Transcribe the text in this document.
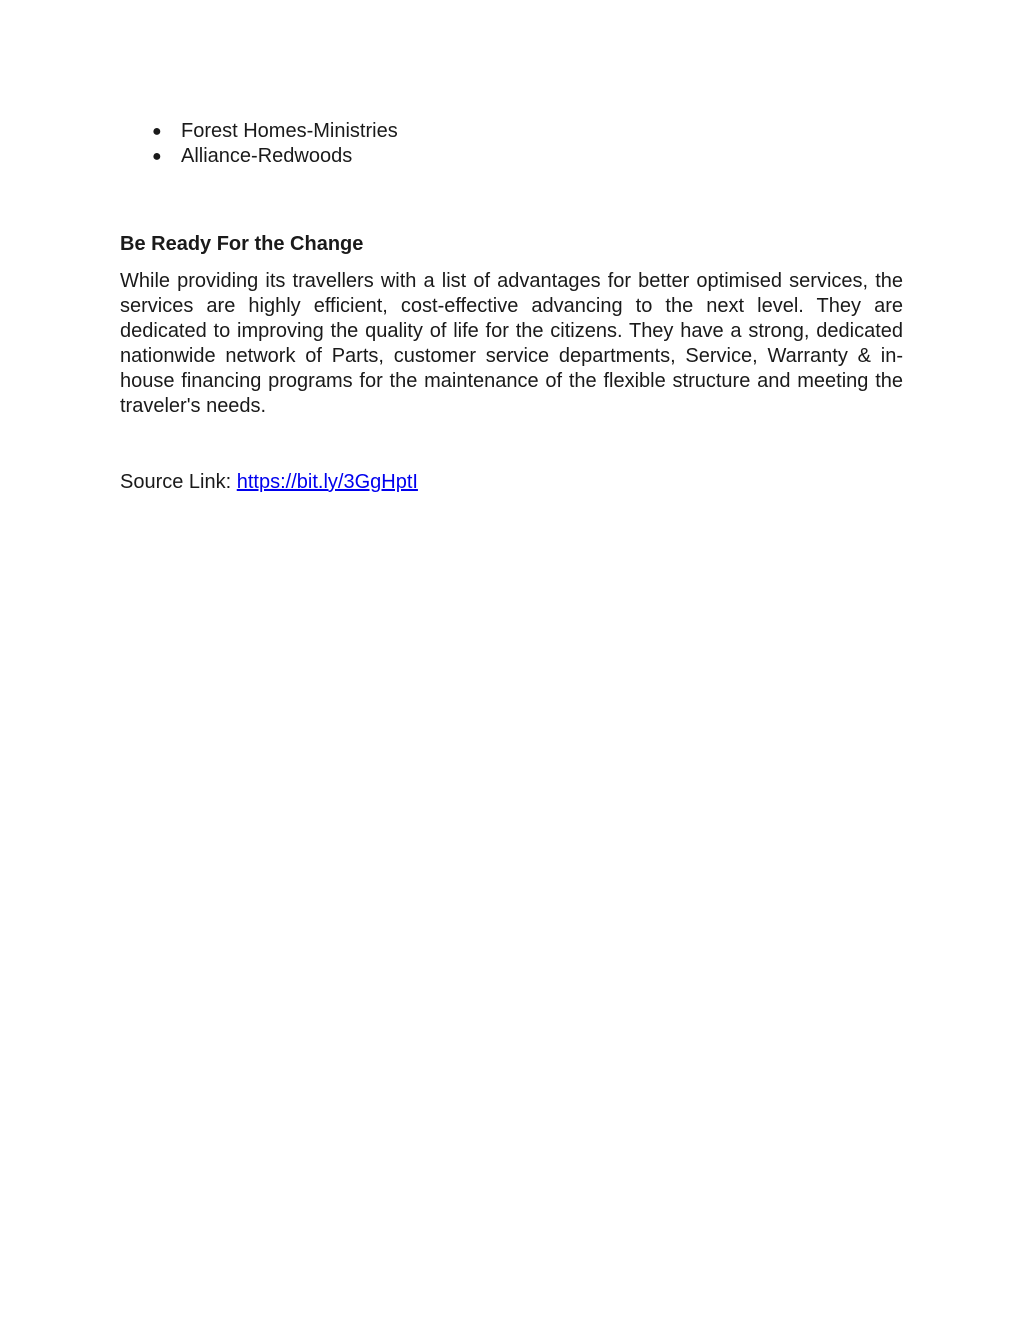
● Forest Homes-Ministries
● Alliance-Redwoods
Be Ready For the Change

While providing its travellers with a list of advantages for better optimised services, the services are highly efficient, cost-effective advancing to the next level. They are dedicated to improving the quality of life for the citizens. They have a strong, dedicated nationwide network of Parts, customer service departments, Service, Warranty & in-house financing programs for the maintenance of the flexible structure and meeting the traveler's needs.

Source Link: https://bit.ly/3GgHptI
